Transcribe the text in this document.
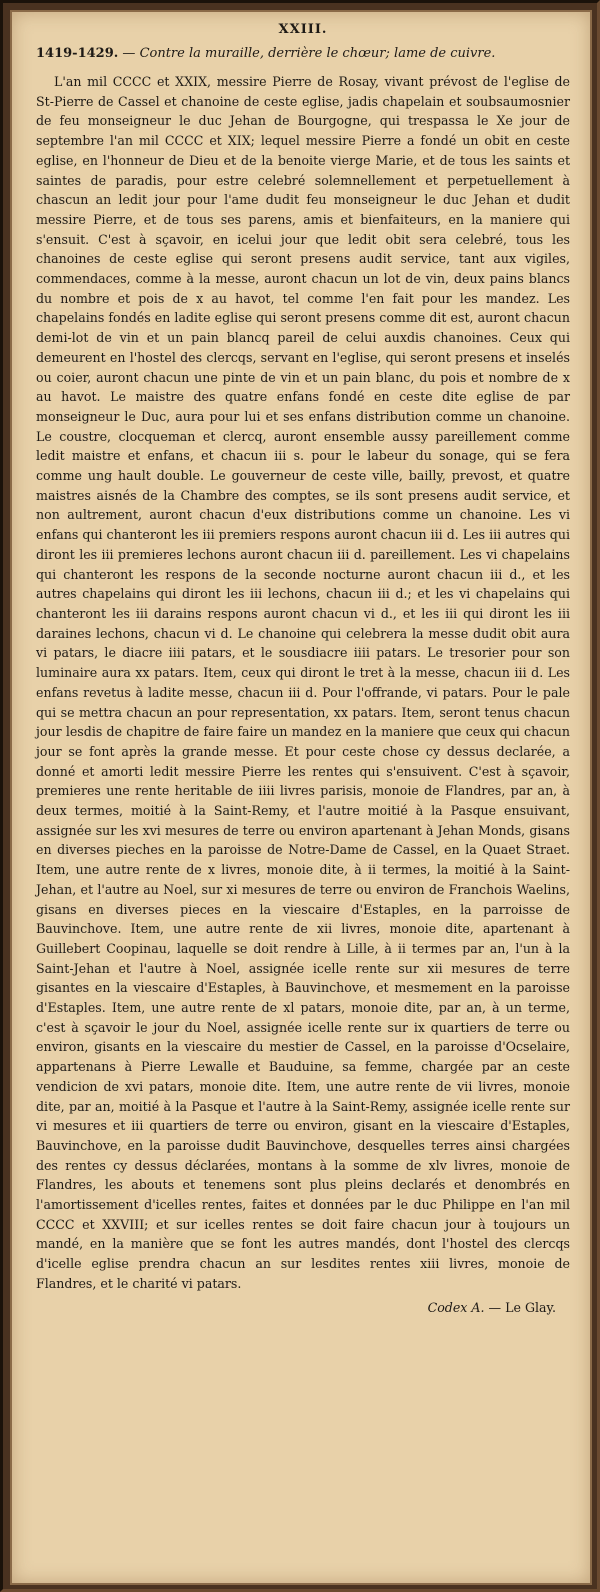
XXIII.
1419-1429. — Contre la muraille, derrière le chœur; lame de cuivre.

L'an mil CCCC et XXIX, messire Pierre de Rosay, vivant prévost de l'eglise de St-Pierre de Cassel et chanoine de ceste eglise, jadis chapelain et soubsaumosnier de feu monseigneur le duc Jehan de Bourgogne, qui trespassa le Xe jour de septembre l'an mil CCCC et XIX; lequel messire Pierre a fondé un obit en ceste eglise, en l'honneur de Dieu et de la benoite vierge Marie, et de tous les saints et saintes de paradis, pour estre celebré solemnellement et perpetuellement à chascun an ledit jour pour l'ame dudit feu monseigneur le duc Jehan et dudit messire Pierre, et de tous ses parens, amis et bienfaiteurs, en la maniere qui s'ensuit. C'est à sçavoir, en icelui jour que ledit obit sera celebré, tous les chanoines de ceste eglise qui seront presens audit service, tant aux vigiles, commendaces, comme à la messe, auront chacun un lot de vin, deux pains blancs du nombre et pois de x au havot, tel comme l'en fait pour les mandez. Les chapelains fondés en ladite eglise qui seront presens comme dit est, auront chacun demi-lot de vin et un pain blancq pareil de celui auxdis chanoines. Ceux qui demeurent en l'hostel des clercqs, servant en l'eglise, qui seront presens et inselés ou coier, auront chacun une pinte de vin et un pain blanc, du pois et nombre de x au havot. Le maistre des quatre enfans fondé en ceste dite eglise de par monseigneur le Duc, aura pour lui et ses enfans distribution comme un chanoine. Le coustre, clocqueman et clercq, auront ensemble aussy pareillement comme ledit maistre et enfans, et chacun iii s. pour le labeur du sonage, qui se fera comme ung hault double. Le gouverneur de ceste ville, bailly, prevost, et quatre maistres aisnés de la Chambre des comptes, se ils sont presens audit service, et non aultrement, auront chacun d'eux distributions comme un chanoine. Les vi enfans qui chanteront les iii premiers respons auront chacun iii d. Les iii autres qui diront les iii premieres lechons auront chacun iii d. pareillement. Les vi chapelains qui chanteront les respons de la seconde nocturne auront chacun iii d., et les autres chapelains qui diront les iii lechons, chacun iii d.; et les vi chapelains qui chanteront les iii darains respons auront chacun vi d., et les iii qui diront les iii daraines lechons, chacun vi d. Le chanoine qui celebrera la messe dudit obit aura vi patars, le diacre iiii patars, et le sousdiacre iiii patars. Le tresorier pour son luminaire aura xx patars. Item, ceux qui diront le tret à la messe, chacun iii d. Les enfans revetus à ladite messe, chacun iii d. Pour l'offrande, vi patars. Pour le pale qui se mettra chacun an pour representation, xx patars. Item, seront tenus chacun jour lesdis de chapitre de faire faire un mandez en la maniere que ceux qui chacun jour se font après la grande messe. Et pour ceste chose cy dessus declarée, a donné et amorti ledit messire Pierre les rentes qui s'ensuivent. C'est à sçavoir, premieres une rente heritable de iiii livres parisis, monoie de Flandres, par an, à deux termes, moitié à la Saint-Remy, et l'autre moitié à la Pasque ensuivant, assignée sur les xvi mesures de terre ou environ apartenant à Jehan Monds, gisans en diverses pieches en la paroisse de Notre-Dame de Cassel, en la Quaet Straet. Item, une autre rente de x livres, monoie dite, à ii termes, la moitié à la Saint-Jehan, et l'autre au Noel, sur xi mesures de terre ou environ de Franchois Waelins, gisans en diverses pieces en la viescaire d'Estaples, en la parroisse de Bauvinchove. Item, une autre rente de xii livres, monoie dite, apartenant à Guillebert Coopinau, laquelle se doit rendre à Lille, à ii termes par an, l'un à la Saint-Jehan et l'autre à Noel, assignée icelle rente sur xii mesures de terre gisantes en la viescaire d'Estaples, à Bauvinchove, et mesmement en la paroisse d'Estaples. Item, une autre rente de xl patars, monoie dite, par an, à un terme, c'est à sçavoir le jour du Noel, assignée icelle rente sur ix quartiers de terre ou environ, gisants en la viescaire du mestier de Cassel, en la paroisse d'Ocselaire, appartenans à Pierre Lewalle et Bauduine, sa femme, chargée par an ceste vendicion de xvi patars, monoie dite. Item, une autre rente de vii livres, monoie dite, par an, moitié à la Pasque et l'autre à la Saint-Remy, assignée icelle rente sur vi mesures et iii quartiers de terre ou environ, gisant en la viescaire d'Estaples, Bauvinchove, en la paroisse dudit Bauvinchove, desquelles terres ainsi chargées des rentes cy dessus déclarées, montans à la somme de xlv livres, monoie de Flandres, les abouts et tenemens sont plus pleins declarés et denombrés en l'amortissement d'icelles rentes, faites et données par le duc Philippe en l'an mil CCCC et XXVIII; et sur icelles rentes se doit faire chacun jour à toujours un mandé, en la manière que se font les autres mandés, dont l'hostel des clercqs d'icelle eglise prendra chacun an sur lesdites rentes xiii livres, monoie de Flandres, et le charité vi patars.

Codex A. — Le Glay.
